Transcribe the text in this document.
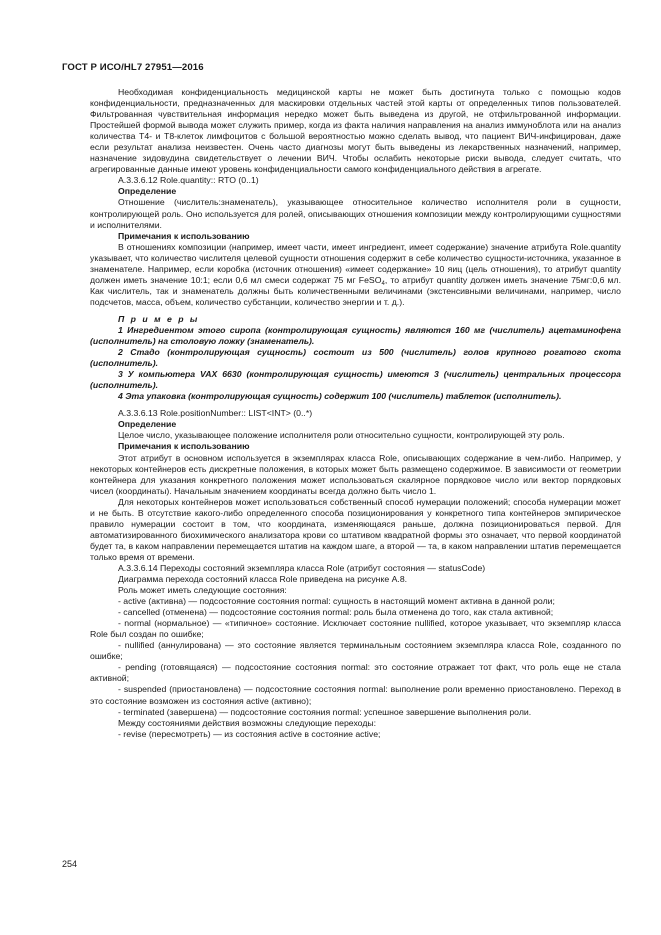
ГОСТ Р ИСО/HL7 27951—2016

Необходимая конфиденциальность медицинской карты не может быть достигнута только с помощью кодов конфиденциальности, предназначенных для маскировки отдельных частей этой карты от определенных типов пользователей. Фильтрованная чувствительная информация нередко может быть выведена из другой, не отфильтрованной информации. Простейшей формой вывода может служить пример, когда из факта наличия направления на анализ иммуноблота или на анализ количества Т4- и Т8-клеток лимфоцитов с большой вероятностью можно сделать вывод, что пациент ВИЧ-инфицирован, даже если результат анализа неизвестен. Очень часто диагнозы могут быть выведены из лекарственных назначений, например, назначение зидовудина свидетельствует о лечении ВИЧ. Чтобы ослабить некоторые риски вывода, следует считать, что агрегированные данные имеют уровень конфиденциальности самого конфиденциального действия в агрегате.

A.3.3.6.12 Role.quantity:: RTO (0..1)

Определение

Отношение (числитель:знаменатель), указывающее относительное количество исполнителя роли в сущности, контролирующей роль. Оно используется для ролей, описывающих отношения композиции между контролирующими сущностями и исполнителями.

Примечания к использованию

В отношениях композиции (например, имеет части, имеет ингредиент, имеет содержание) значение атрибута Role.quantity указывает, что количество числителя целевой сущности отношения содержит в себе количество сущности-источника, указанное в знаменателе. Например, если коробка (источник отношения) «имеет содержание» 10 яиц (цель отношения), то атрибут quantity должен иметь значение 10:1; если 0,6 мл смеси содержат 75 мг FeSO$_4$, то атрибут quantity должен иметь значение 75мг:0,6 мл. Как числитель, так и знаменатель должны быть количественными величинами (экстенсивными величинами, например, число подсчетов, масса, объем, количество субстанции, количество энергии и т. д.).

П р и м е р ы

1 Ингредиентом этого сиропа (контролирующая сущность) являются 160 мг (числитель) ацетаминофена (исполнитель) на столовую ложку (знаменатель).

2 Стадо (контролирующая сущность) состоит из 500 (числитель) голов крупного рогатого скота (исполнитель).

3 У компьютера VAX 6630 (контролирующая сущность) имеются 3 (числитель) центральных процессора (исполнитель).

4 Эта упаковка (контролирующая сущность) содержит 100 (числитель) таблеток (исполнитель).

A.3.3.6.13 Role.positionNumber:: LIST<INT> (0..*)

Определение

Целое число, указывающее положение исполнителя роли относительно сущности, контролирующей эту роль.

Примечания к использованию

Этот атрибут в основном используется в экземплярах класса Role, описывающих содержание в чем-либо. Например, у некоторых контейнеров есть дискретные положения, в которых может быть размещено содержимое. В зависимости от геометрии контейнера для указания конкретного положения может использоваться скалярное порядковое число или вектор порядковых чисел (координаты). Начальным значением координаты всегда должно быть число 1.

Для некоторых контейнеров может использоваться собственный способ нумерации положений; способа нумерации может и не быть. В отсутствие какого-либо определенного способа позиционирования у конкретного типа контейнеров эмпирическое правило нумерации состоит в том, что координата, изменяющаяся раньше, должна позиционироваться первой. Для автоматизированного биохимического анализатора крови со штативом квадратной формы это означает, что первой координатой будет та, в каком направлении перемещается штатив на каждом шаге, а второй — та, в каком направлении штатив перемещается только время от времени.

A.3.3.6.14 Переходы состояний экземпляра класса Role (атрибут состояния — statusCode)

Диаграмма перехода состояний класса Role приведена на рисунке А.8.

Роль может иметь следующие состояния:

- active (активна) — подсостояние состояния normal: сущность в настоящий момент активна в данной роли;

- cancelled (отменена) — подсостояние состояния normal: роль была отменена до того, как стала активной;

- normal (нормальное) — «типичное» состояние. Исключает состояние nullified, которое указывает, что экземпляр класса Role был создан по ошибке;

- nullified (аннулирована) — это состояние является терминальным состоянием экземпляра класса Role, созданного по ошибке;

- pending (готовящаяся) — подсостояние состояния normal: это состояние отражает тот факт, что роль еще не стала активной;

- suspended (приостановлена) — подсостояние состояния normal: выполнение роли временно приостановлено. Переход в это состояние возможен из состояния active (активно);

- terminated (завершена) — подсостояние состояния normal: успешное завершение выполнения роли.

Между состояниями действия возможны следующие переходы:

- revise (пересмотреть) — из состояния active в состояние active;

254
